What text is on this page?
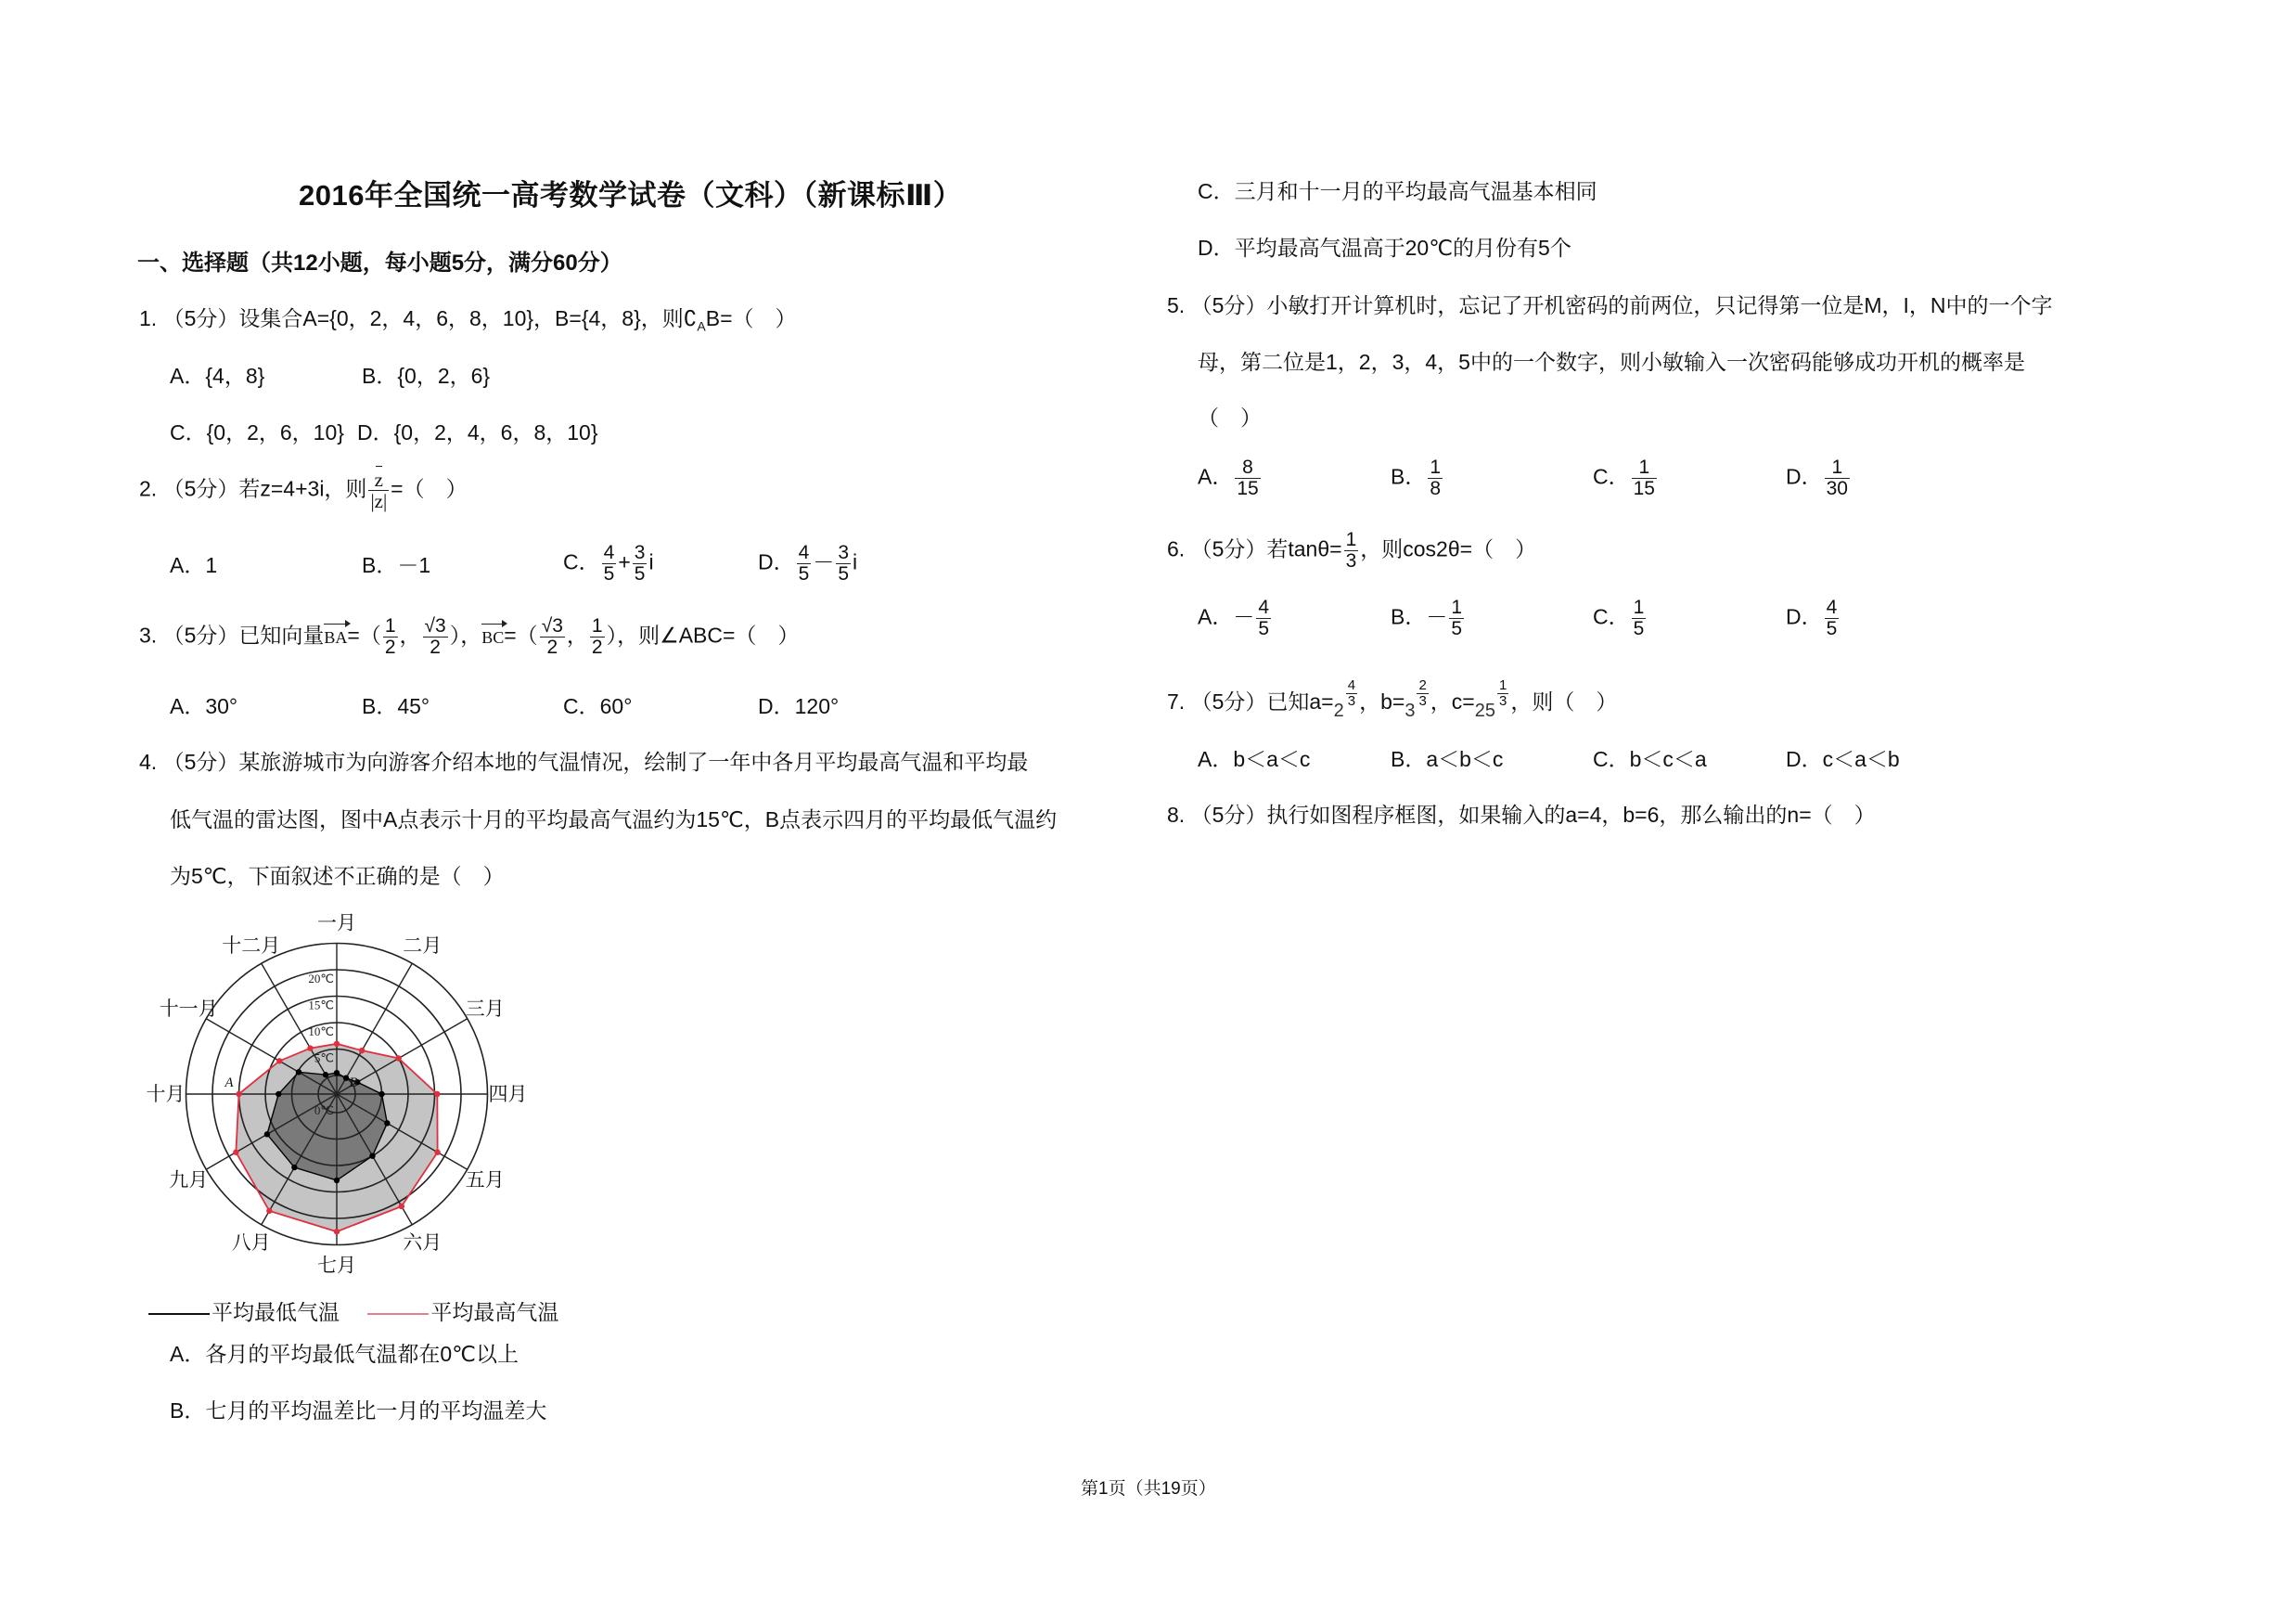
2016年全国统一高考数学试卷（文科）（新课标Ⅲ）
一、选择题（共12小题，每小题5分，满分60分）
1. （5分）设集合A={0，2，4，6，8，10}，B={4，8}，则$∁_AB=$（　）
A．{4，8}	B．{0，2，6}
C．{0，2，6，10} D．{0，2，4，6，8，10}
2. （5分）若z=4+3i，则 $\frac{z}{|z|}$ =（　）
A．1	B．－1	C． $\frac{4}{5} + \frac{3}{5}$ i	D． $\frac{4}{5} - \frac{3}{5}$ i
3. （5分）已知向量$BA=( \frac{1}{2}$ ， $\frac{√3}{2}$ ），$BC=( \frac{√3}{2}$ ， $\frac{1}{2}$ ），则∠ABC=（　）
A．30°	B．45°	C．60°	D．120°
4. （5分）某旅游城市为向游客介绍本地的气温情况，绘制了一年中各月平均最高气温和平均最
低气温的雷达图，图中A点表示十月的平均最高气温约为15℃，B点表示四月的平均最低气温约
为5℃，下面叙述不正确的是（　）
0℃
5℃
10℃
15℃
20℃
一月
二月
三月
四月
五月
六月
七月
八月
九月
十月
十一月
十二月
A	B
平均最低气温	平均最高气温
A．各月的平均最低气温都在0℃以上
B．七月的平均温差比一月的平均温差大
C．三月和十一月的平均最高气温基本相同
D．平均最高气温高于20℃的月份有5个
5. （5分）小敏打开计算机时，忘记了开机密码的前两位，只记得第一位是M，I，N中的一个字
母，第二位是1，2，3，4，5中的一个数字，则小敏输入一次密码能够成功开机的概率是
（　）
A． $\frac{8}{15}$	B． $\frac{1}{8}$	C． $\frac{1}{15}$	D． $\frac{1}{30}$
6. （5分）若$\tan\theta= \frac{1}{3}$ ，则cos2θ=（　）
A．－ $\frac{4}{5}$	B．－ $\frac{1}{5}$	C． $\frac{1}{5}$	D． $\frac{4}{5}$
7. （5分）已知a=2
$\frac{4}{3}$ ，b=3
$\frac{2}{3}$ ，c=25
$\frac{1}{3}$ ，则（　）
A．b＜a＜c	B．a＜b＜c	C．b＜c＜a	D．c＜a＜b
8. （5分）执行如图程序框图，如果输入的a=4，b=6，那么输出的n=（　）
第1页（共19页）
